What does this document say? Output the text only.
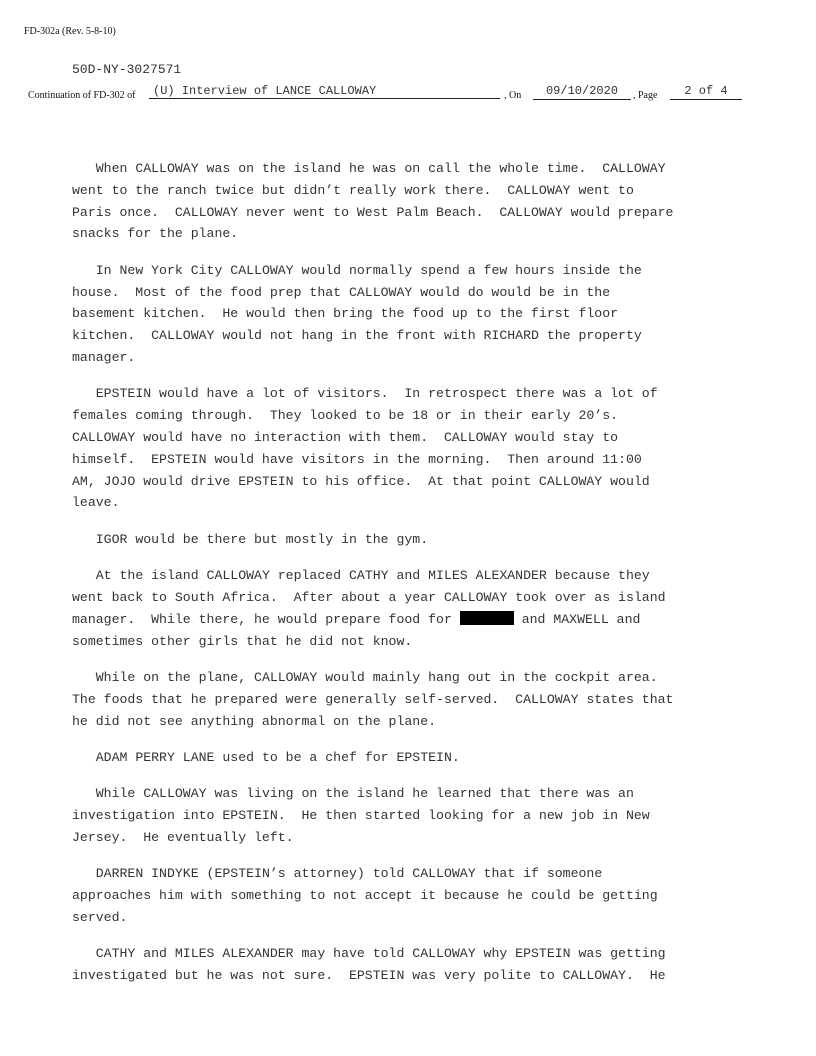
FD-302a (Rev. 5-8-10)
50D-NY-3027571
Continuation of FD-302 of	(U) Interview of LANCE CALLOWAY	, On	09/10/2020	, Page	2 of 4

When CALLOWAY was on the island he was on call the whole time.  CALLOWAY
went to the ranch twice but didn’t really work there.  CALLOWAY went to
Paris once.  CALLOWAY never went to West Palm Beach.  CALLOWAY would prepare
snacks for the plane.

In New York City CALLOWAY would normally spend a few hours inside the
house.  Most of the food prep that CALLOWAY would do would be in the
basement kitchen.  He would then bring the food up to the first floor
kitchen.  CALLOWAY would not hang in the front with RICHARD the property
manager.

EPSTEIN would have a lot of visitors.  In retrospect there was a lot of
females coming through.  They looked to be 18 or in their early 20’s.
CALLOWAY would have no interaction with them.  CALLOWAY would stay to
himself.  EPSTEIN would have visitors in the morning.  Then around 11:00
AM, JOJO would drive EPSTEIN to his office.  At that point CALLOWAY would
leave.

IGOR would be there but mostly in the gym.

At the island CALLOWAY replaced CATHY and MILES ALEXANDER because they
went back to South Africa.  After about a year CALLOWAY took over as island
manager.  While there, he would prepare food for	and MAXWELL and
sometimes other girls that he did not know.

While on the plane, CALLOWAY would mainly hang out in the cockpit area.
The foods that he prepared were generally self-served.  CALLOWAY states that
he did not see anything abnormal on the plane.

ADAM PERRY LANE used to be a chef for EPSTEIN.

While CALLOWAY was living on the island he learned that there was an
investigation into EPSTEIN.  He then started looking for a new job in New
Jersey.  He eventually left.

DARREN INDYKE (EPSTEIN’s attorney) told CALLOWAY that if someone
approaches him with something to not accept it because he could be getting
served.

CATHY and MILES ALEXANDER may have told CALLOWAY why EPSTEIN was getting
investigated but he was not sure.  EPSTEIN was very polite to CALLOWAY.  He
